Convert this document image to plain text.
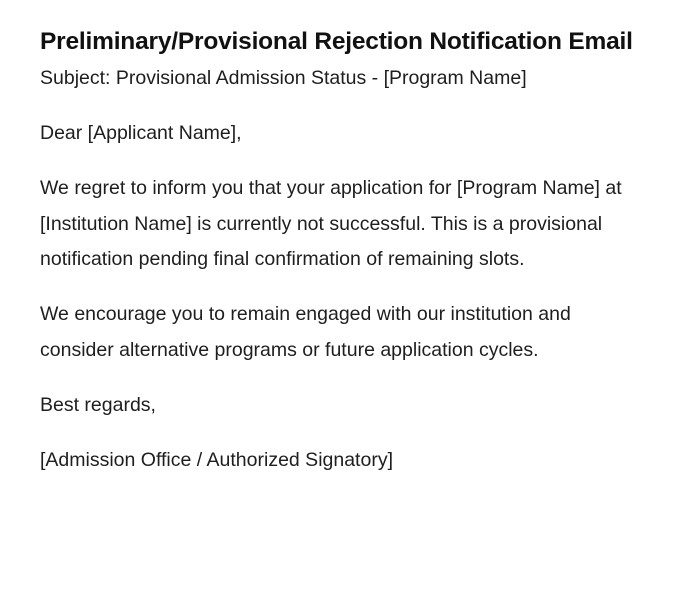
Preliminary/Provisional Rejection Notification Email

Subject: Provisional Admission Status - [Program Name]

Dear [Applicant Name],

We regret to inform you that your application for [Program Name] at [Institution Name] is currently not successful. This is a provisional notification pending final confirmation of remaining slots.

We encourage you to remain engaged with our institution and consider alternative programs or future application cycles.

Best regards,

[Admission Office / Authorized Signatory]
